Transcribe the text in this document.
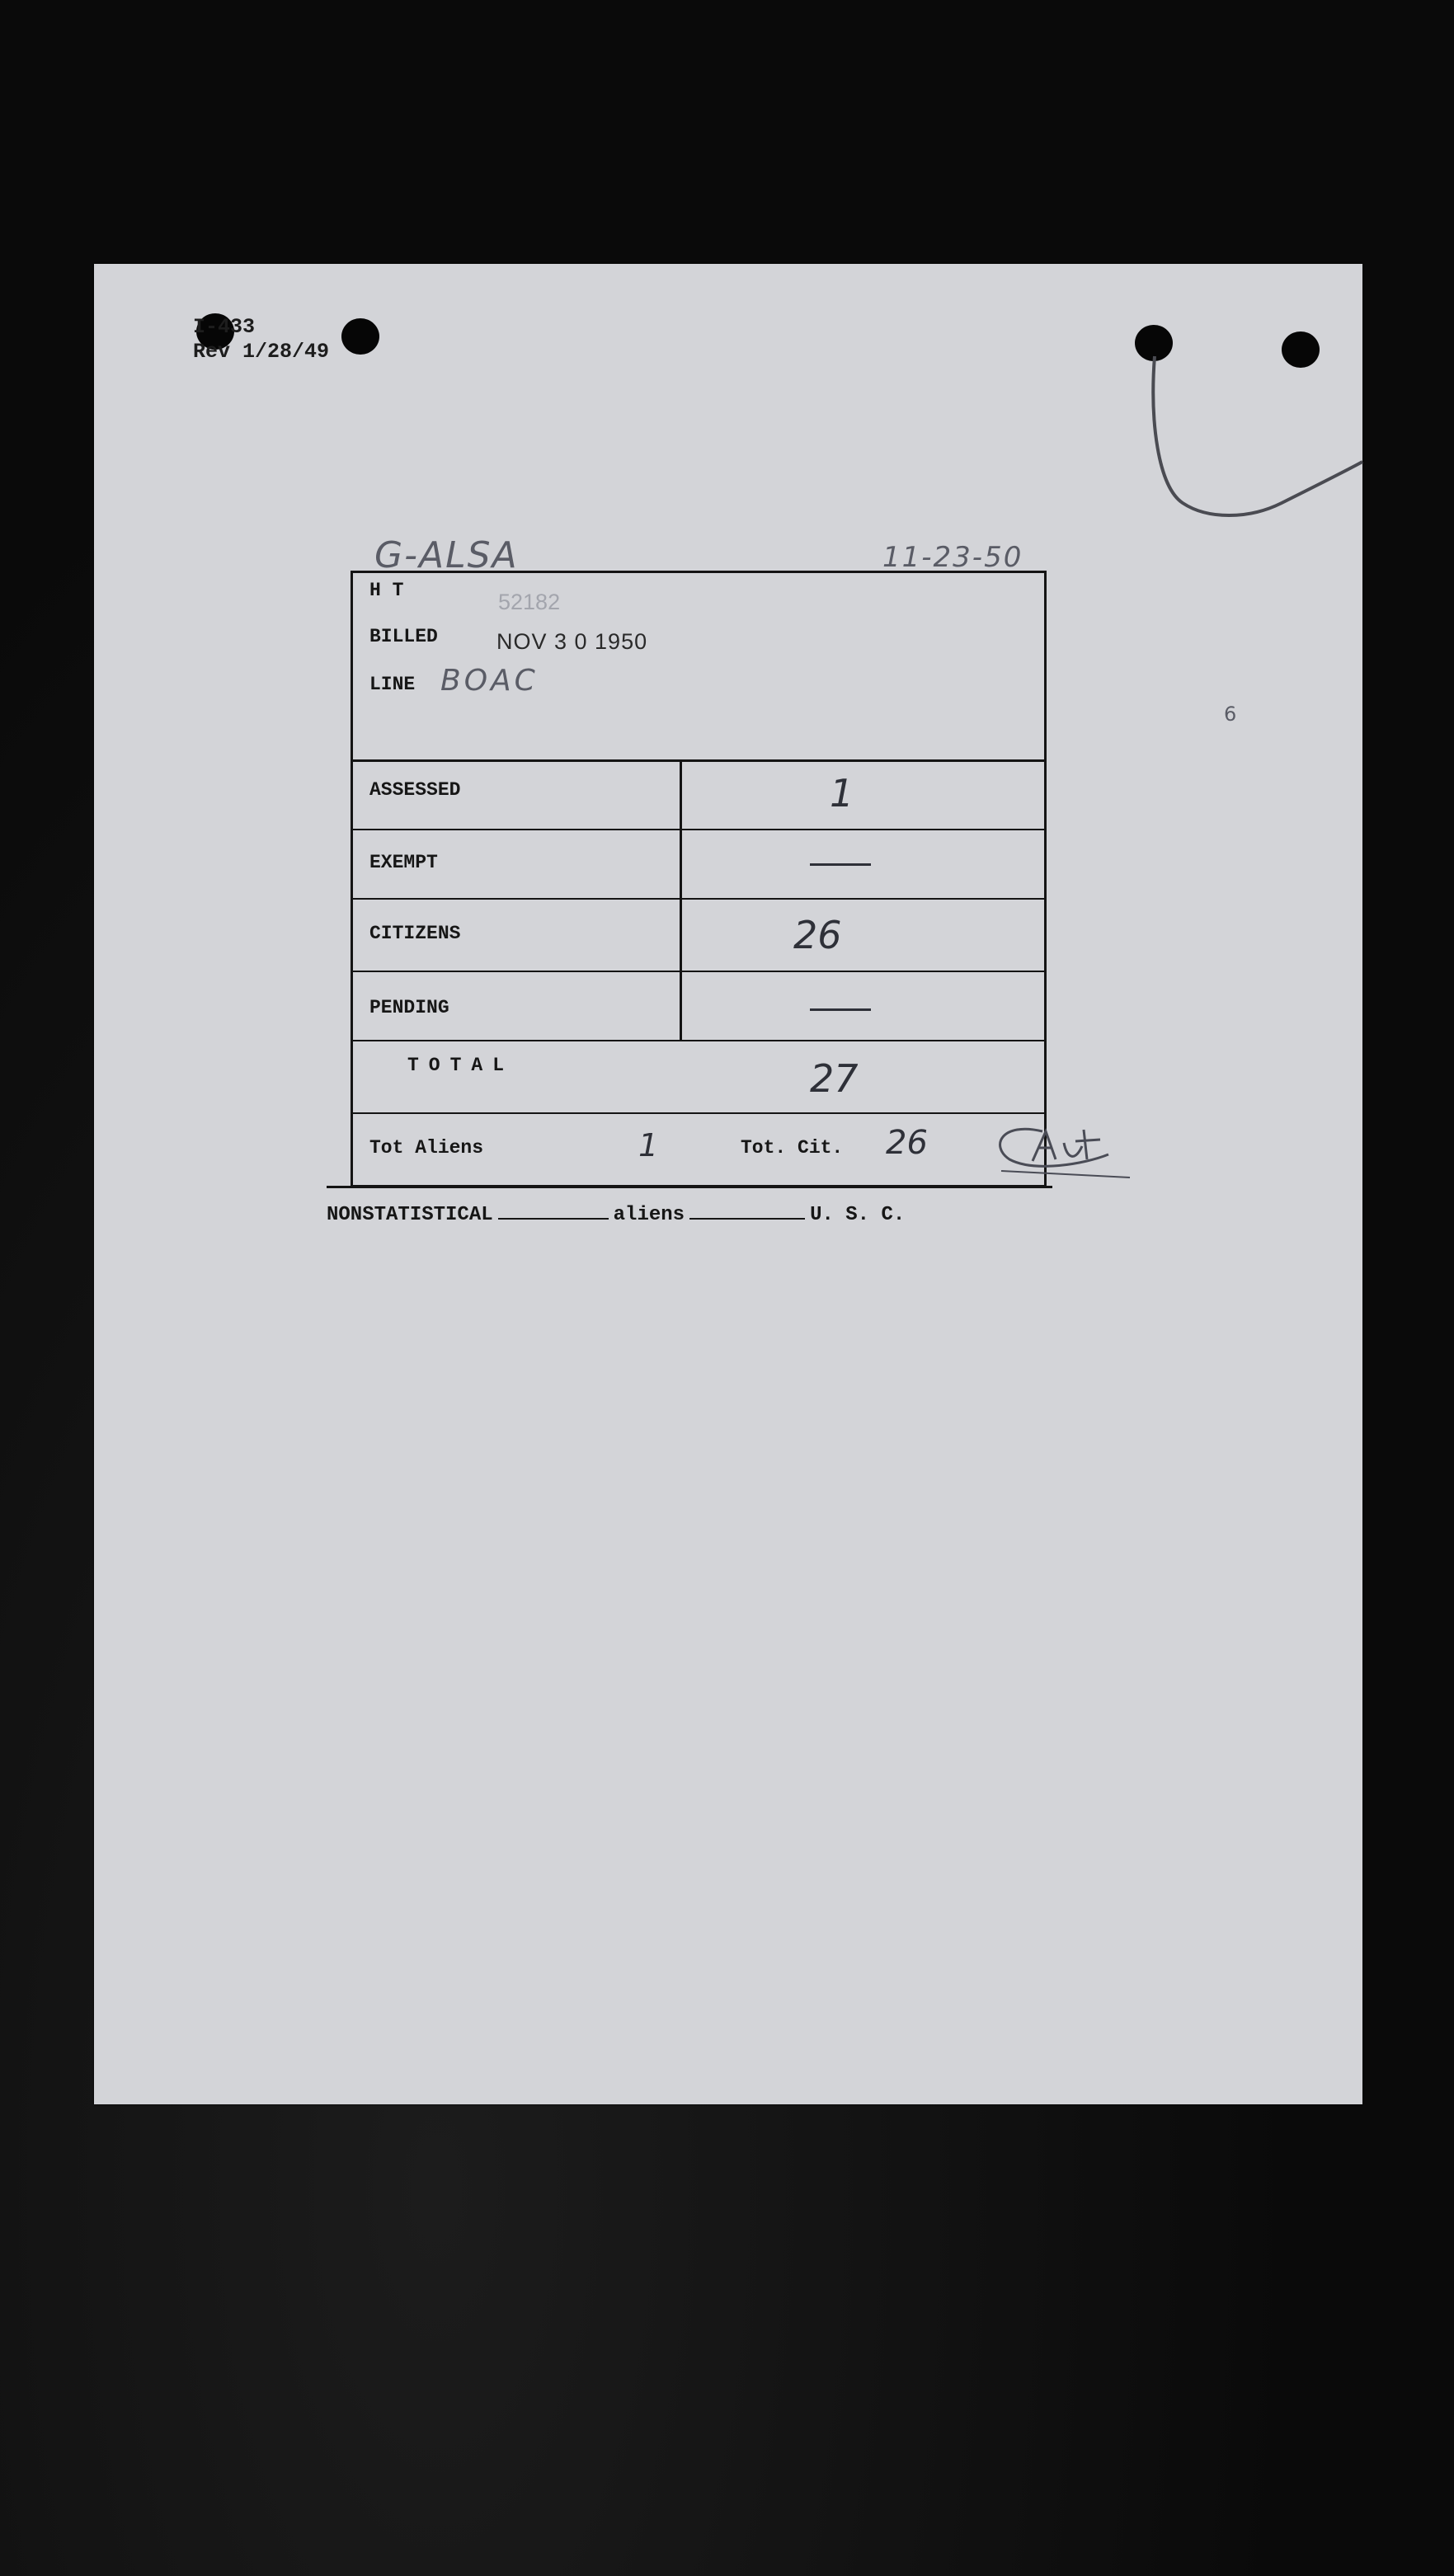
I-433
Rev 1/28/49
G-ALSA	11-23-50
6
H T	52182
BILLED	NOV 3 0 1950
LINE BOAC
ASSESSED	1
EXEMPT
CITIZENS	26
PENDING
TOTAL	27
Tot Aliens	1	Tot. Cit. 26
NONSTATISTICAL	aliens	U. S. C.
